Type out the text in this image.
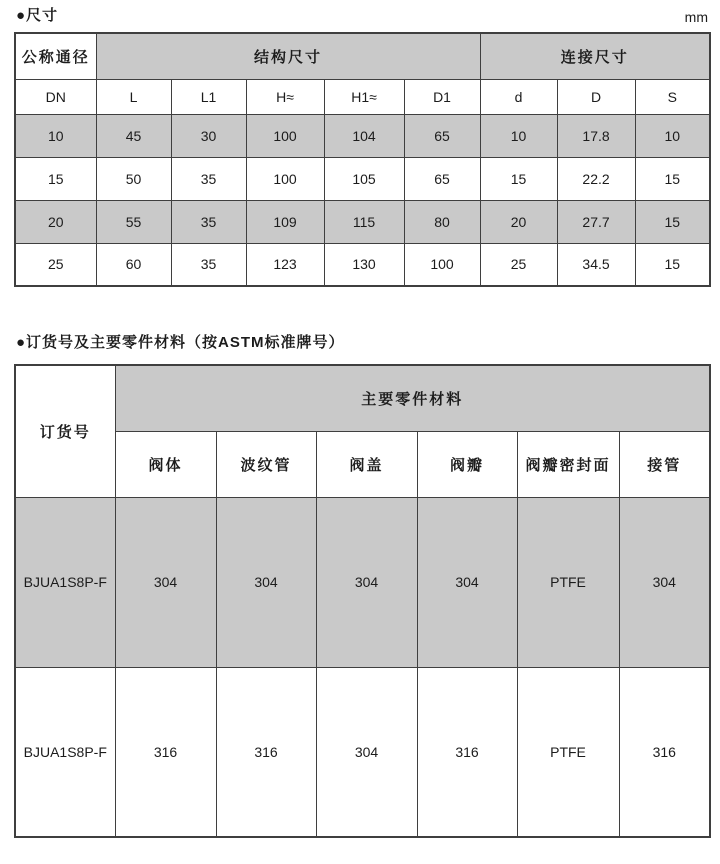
●尺寸	mm
公称通径	结构尺寸					连接尺寸		
DN	L	L1	H≈	H1≈	D1	d	D	S
10	45	30	100	104	65	10	17.8	10
15	50	35	100	105	65	15	22.2	15
20	55	35	109	115	80	20	27.7	15
25	60	35	123	130	100	25	34.5	15
●订货号及主要零件材料（按ASTM标准牌号）
订货号	主要零件材料					
	阀体	波纹管	阀盖	阀瓣	阀瓣密封面	接管
BJUA1S8P-F	304	304	304	304	PTFE	304
BJUA1S8P-F	316	316	304	316	PTFE	316
